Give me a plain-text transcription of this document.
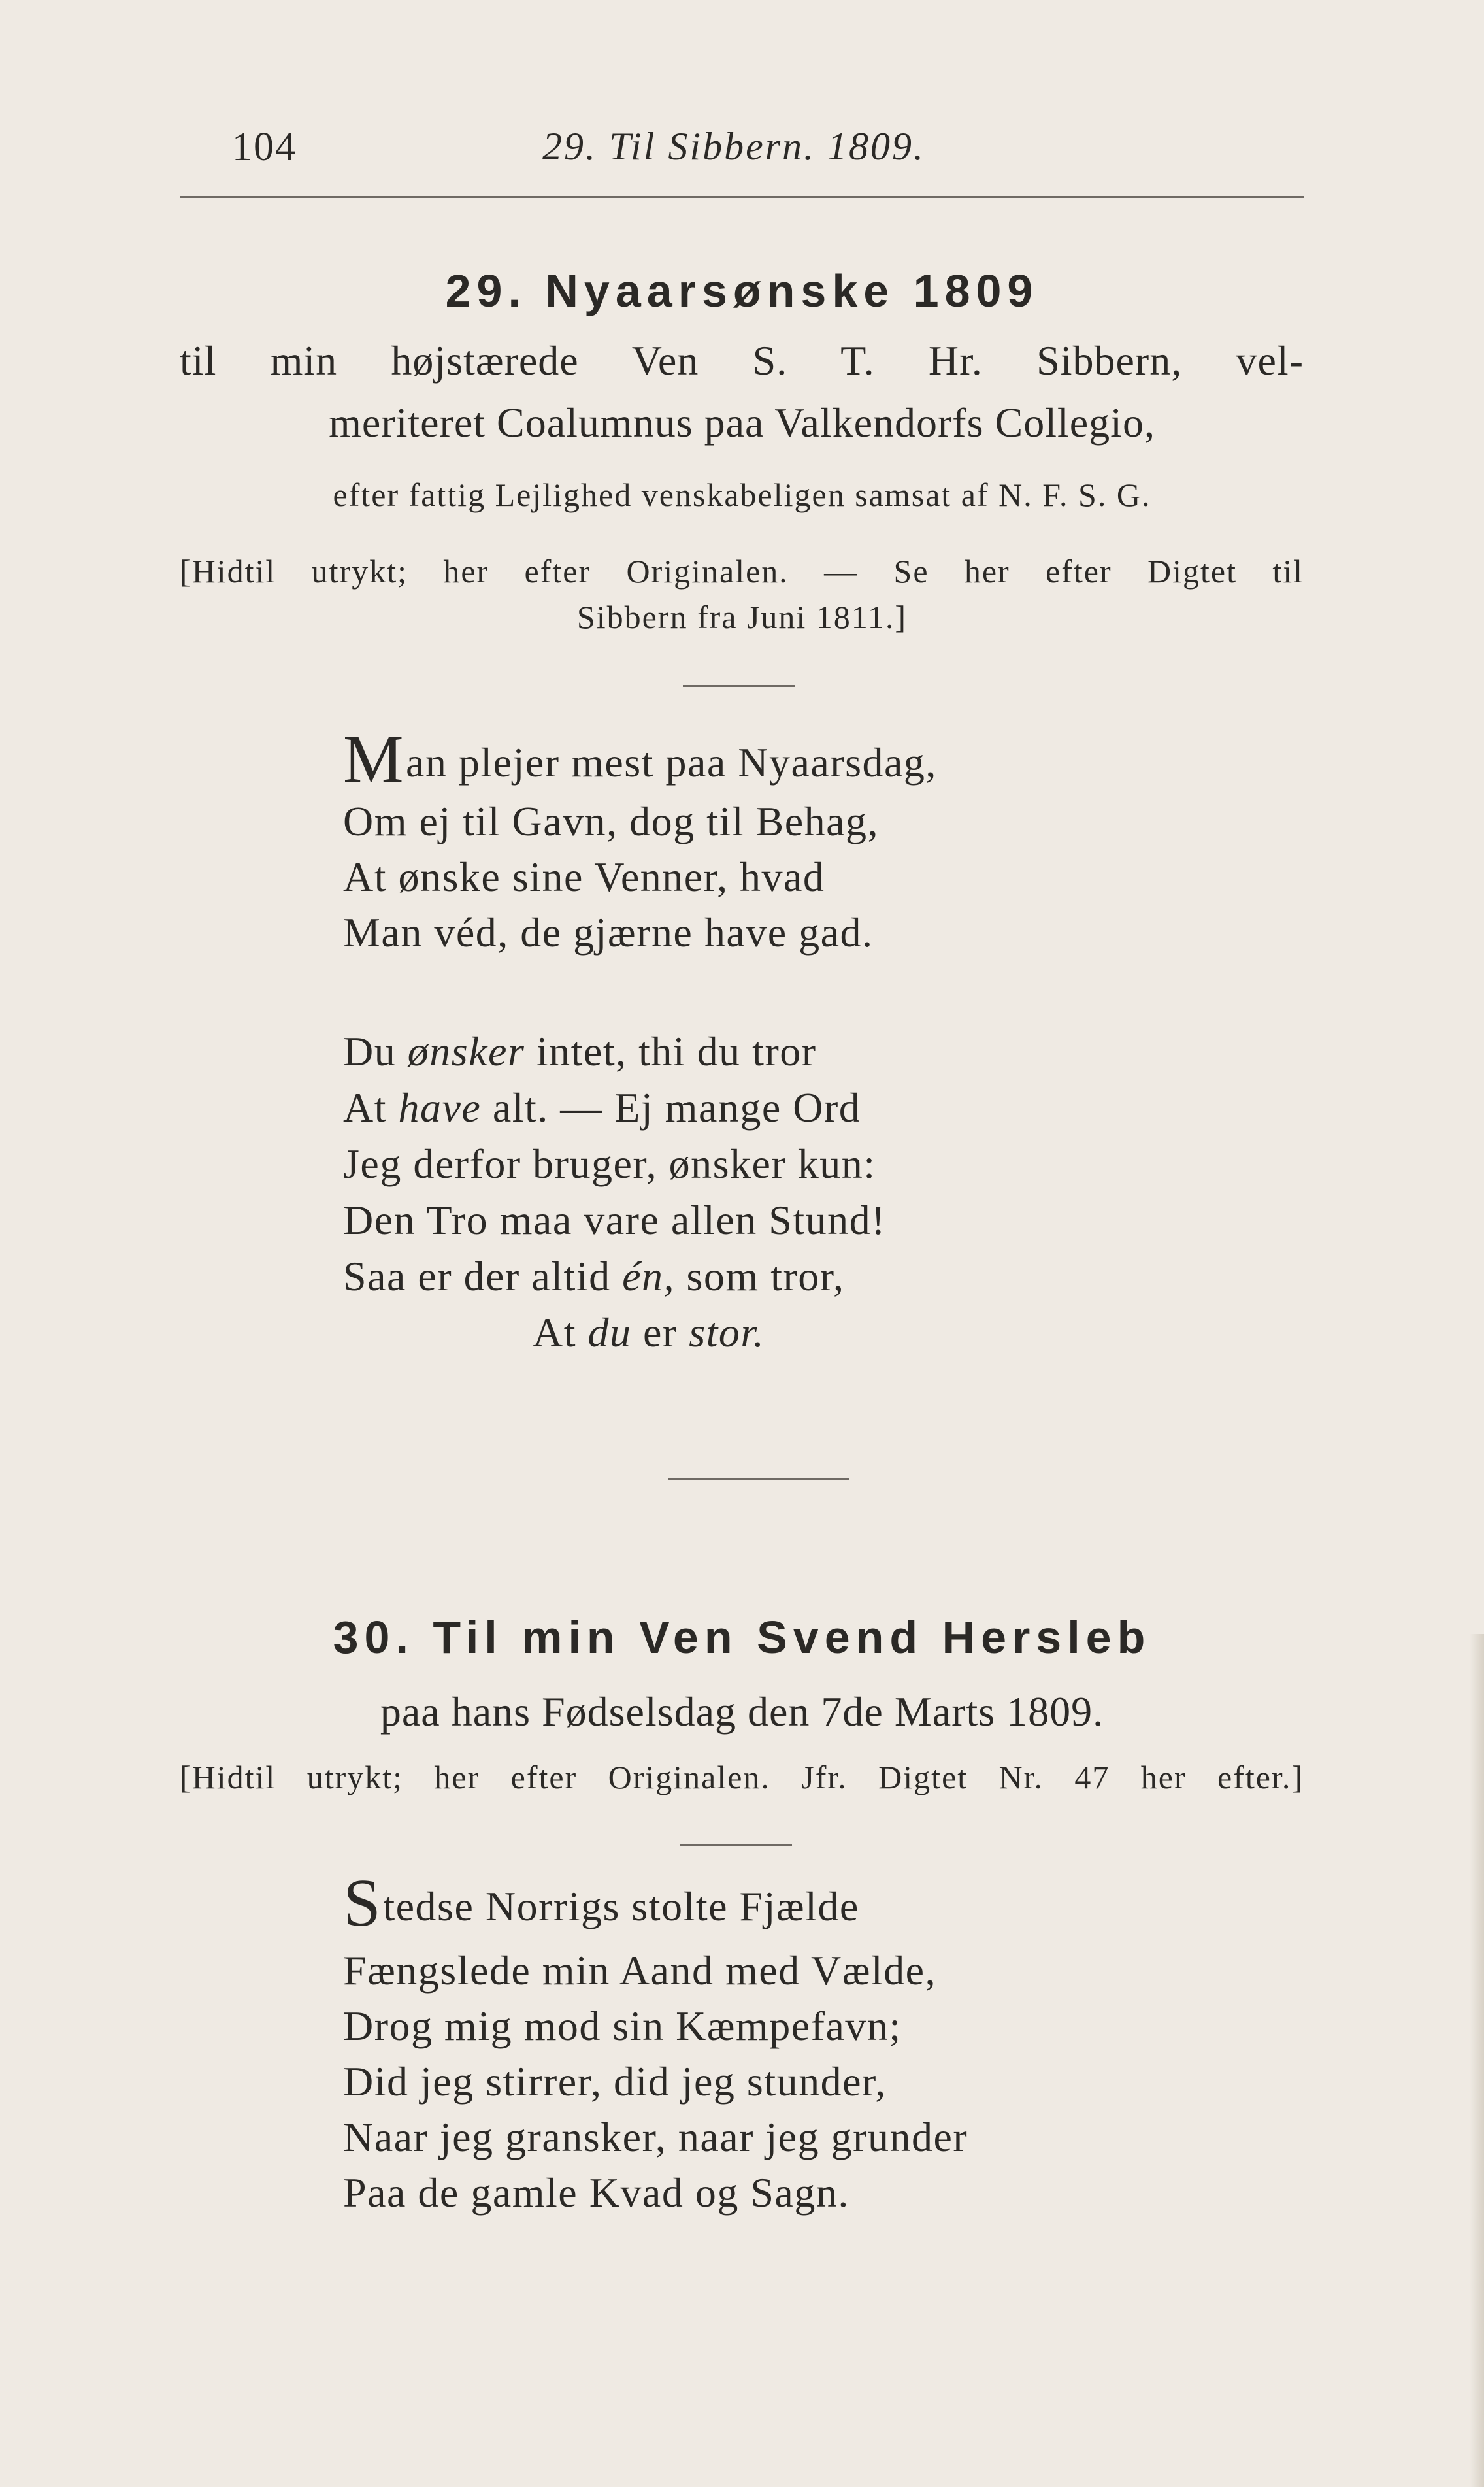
104	29. Til Sibbern. 1809.
29. Nyaarsønske 1809
til min højstærede Ven S. T. Hr. Sibbern, vel-
meriteret Coalumnus paa Valkendorfs Collegio,
efter fattig Lejlighed venskabeligen samsat af N. F. S. G.
[Hidtil utrykt; her efter Originalen. — Se her efter Digtet til
Sibbern fra Juni 1811.]
Man plejer mest paa Nyaarsdag,
Om ej til Gavn, dog til Behag,
At ønske sine Venner, hvad
Man véd, de gjærne have gad.
Du ønsker intet, thi du tror
At have alt. — Ej mange Ord
Jeg derfor bruger, ønsker kun:
Den Tro maa vare allen Stund!
Saa er der altid én, som tror,
At du er stor.
30. Til min Ven Svend Hersleb
paa hans Fødselsdag den 7de Marts 1809.
[Hidtil utrykt; her efter Originalen. Jfr. Digtet Nr. 47 her efter.]
Stedse Norrigs stolte Fjælde
Fængslede min Aand med Vælde,
Drog mig mod sin Kæmpefavn;
Did jeg stirrer, did jeg stunder,
Naar jeg gransker, naar jeg grunder
Paa de gamle Kvad og Sagn.
